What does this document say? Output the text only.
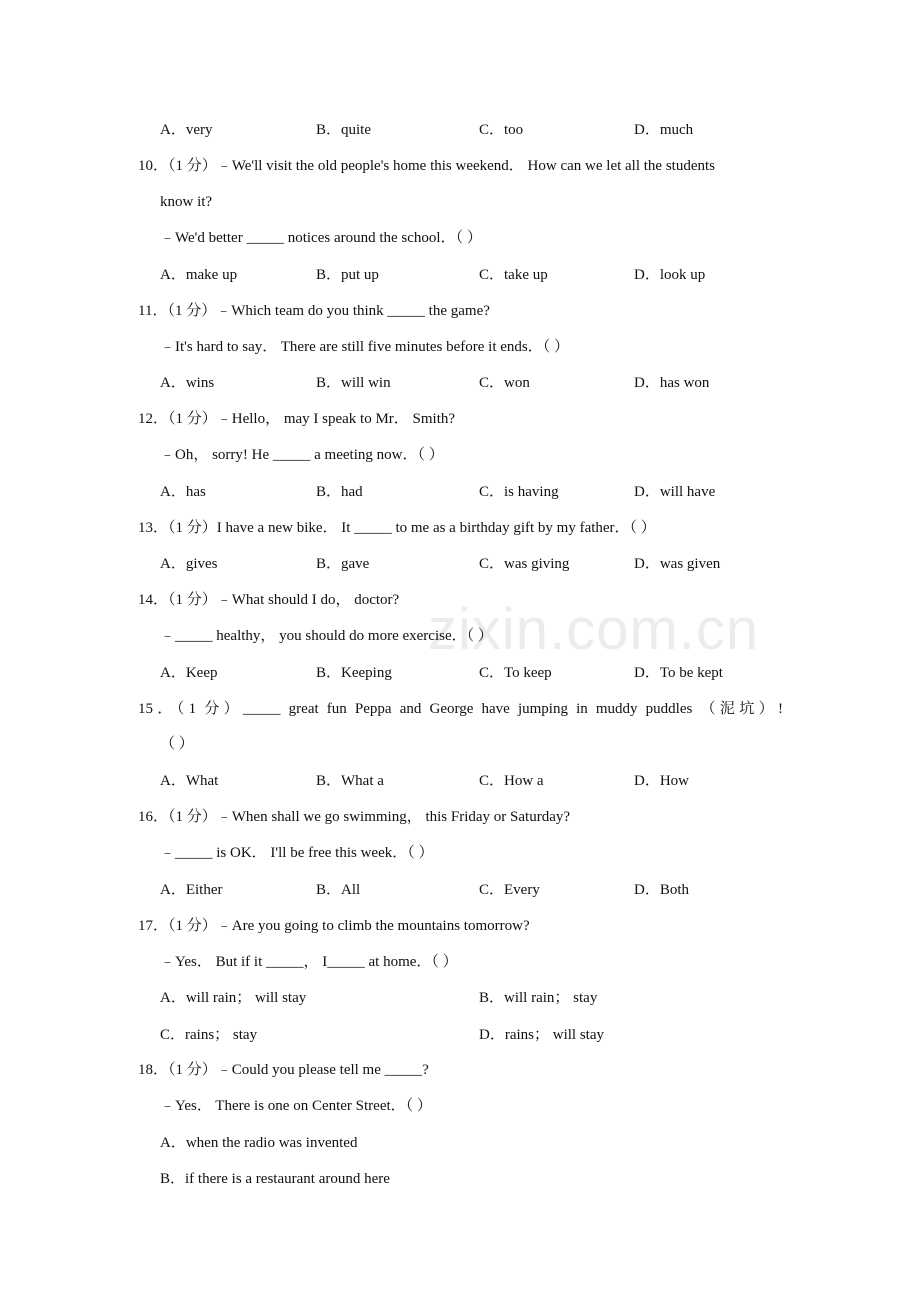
zixin.com.cn
A．very	B．quite	C．too	D．much
10．（1 分）﹣We'll visit the old people's home this weekend． How can we let all the students
know it?
﹣We'd better _____ notices around the school．（ ）
A．make up	B．put up	C．take up	D．look up
11．（1 分）﹣Which team do you think _____ the game?
﹣It's hard to say． There are still five minutes before it ends．（ ）
A．wins	B．will win	C．won	D．has won
12．（1 分）﹣Hello， may I speak to Mr． Smith?
﹣Oh， sorry! He _____ a meeting now．（ ）
A．has	B．had	C．is having	D．will have
13．（1 分）I have a new bike． It _____ to me as a birthday gift by my father．（ ）
A．gives	B．gave	C．was giving	D．was given
14．（1 分）﹣What should I do， doctor?
﹣_____ healthy， you should do more exercise．（ ）
A．Keep	B．Keeping	C．To keep	D．To be kept
15．（1 分）_____ great fun Peppa and George have jumping in muddy puddles （泥坑）!
（ ）
A．What	B．What a	C．How a	D．How
16．（1 分）﹣When shall we go swimming， this Friday or Saturday?
﹣_____ is OK． I'll be free this week．（ ）
A．Either	B．All	C．Every	D．Both
17．（1 分）﹣Are you going to climb the mountains tomorrow?
﹣Yes． But if it _____， I_____ at home．（ ）
A．will rain； will stay	B．will rain； stay
C．rains； stay	D．rains； will stay
18．（1 分）﹣Could you please tell me _____?
﹣Yes． There is one on Center Street．（ ）
A．when the radio was invented
B．if there is a restaurant around here
